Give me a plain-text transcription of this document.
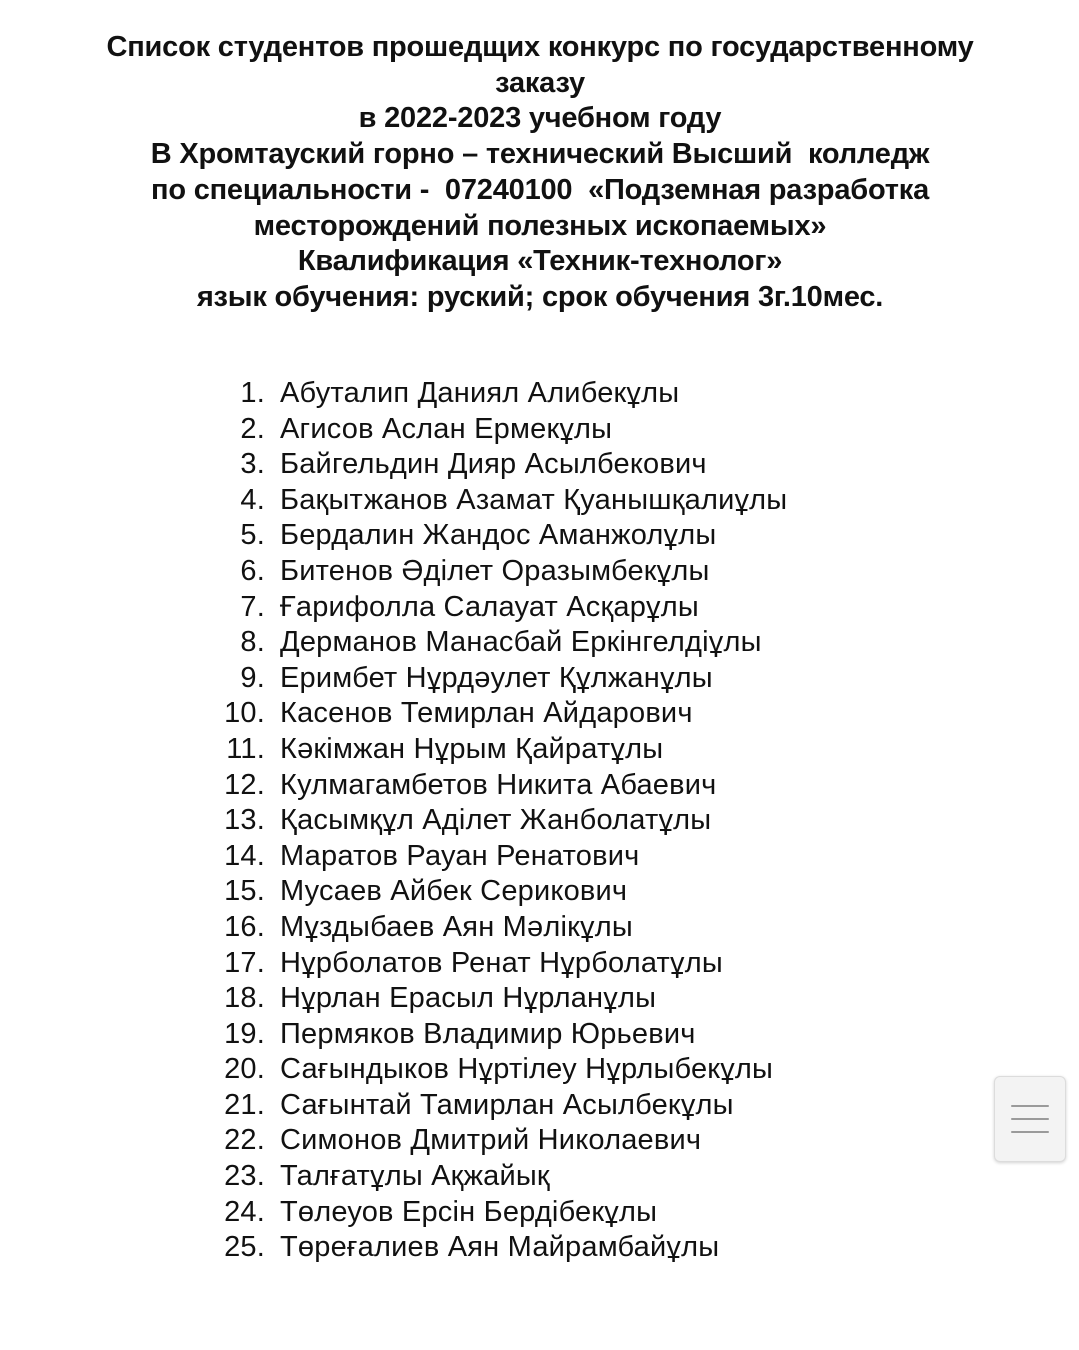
Список студентов прошедщих конкурс по государственному
заказу
в 2022-2023 учебном году
В Хромтауский горно – технический Высший  колледж
по специальности -  07240100  «Подземная разработка
месторождений полезных ископаемых»
Квалификация «Техник-технолог»
язык обучения: руский; срок обучения 3г.10мес.
1. Абуталип Даниял Алибекұлы
2. Агисов Аслан Ермекұлы
3. Байгельдин Дияр Асылбекович
4. Бақытжанов Азамат Қуанышқалиұлы
5. Бердалин Жандос Аманжолұлы
6. Битенов Әділет Оразымбекұлы
7. Ғарифолла Салауат Асқарұлы
8. Дерманов Манасбай Еркінгелдіұлы
9. Еримбет Нұрдәулет Құлжанұлы
10. Касенов Темирлан Айдарович
11. Кәкімжан Нұрым Қайратұлы
12. Кулмагамбетов Никита Абаевич
13. Қасымқұл Аділет Жанболатұлы
14. Маратов Рауан Ренатович
15. Мусаев Айбек Серикович
16. Мұздыбаев Аян Мәлікұлы
17. Нұрболатов Ренат Нұрболатұлы
18. Нұрлан Ерасыл Нұрланұлы
19. Пермяков Владимир Юрьевич
20. Сағындыков Нұртілеу Нұрлыбекұлы
21. Сағынтай Тамирлан Асылбекұлы
22. Симонов Дмитрий Николаевич
23. Талғатұлы Ақжайық
24. Төлеуов Ерсін Бердібекұлы
25. Төреғалиев Аян Майрамбайұлы
